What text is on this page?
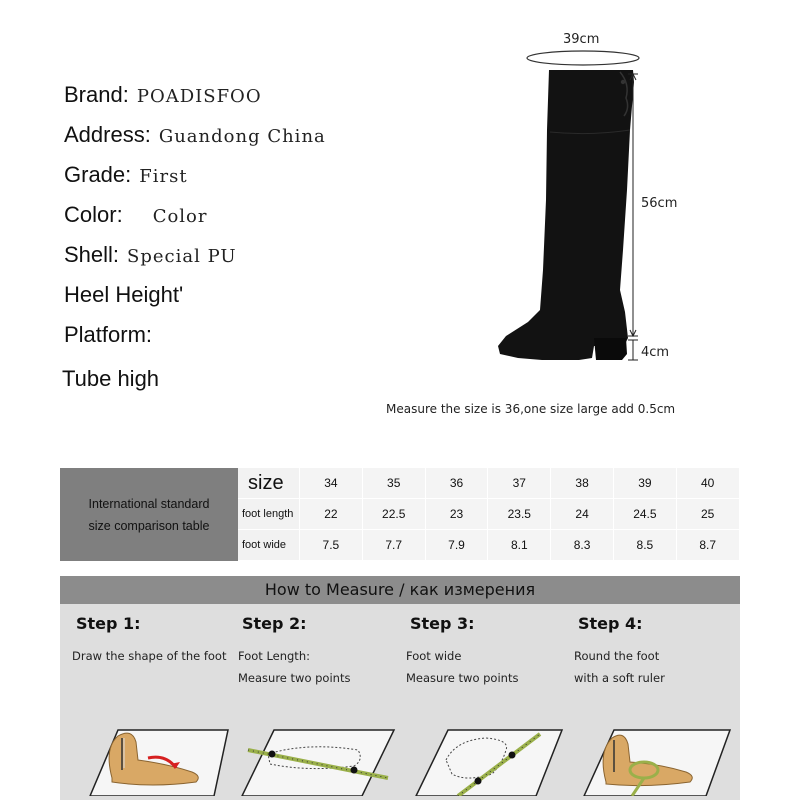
Brand: POADISFOO
Address: Guandong China
Grade: First
Color: Color
Shell: Special PU
Heel Height'
Platform:
Tube high
39cm
56cm
4cm
Measure the size is 36,one size large add 0.5cm
International standard
size comparison table
size	34	35	36	37	38	39	40
foot length	22	22.5	23	23.5	24	24.5	25
foot wide	7.5	7.7	7.9	8.1	8.3	8.5	8.7
How to Measure / как измерения
Step 1:
Draw the shape of the foot
Step 2:
Foot Length:
Measure two points
Step 3:
Foot wide
Measure two points
Step 4:
Round the foot
with a soft ruler
